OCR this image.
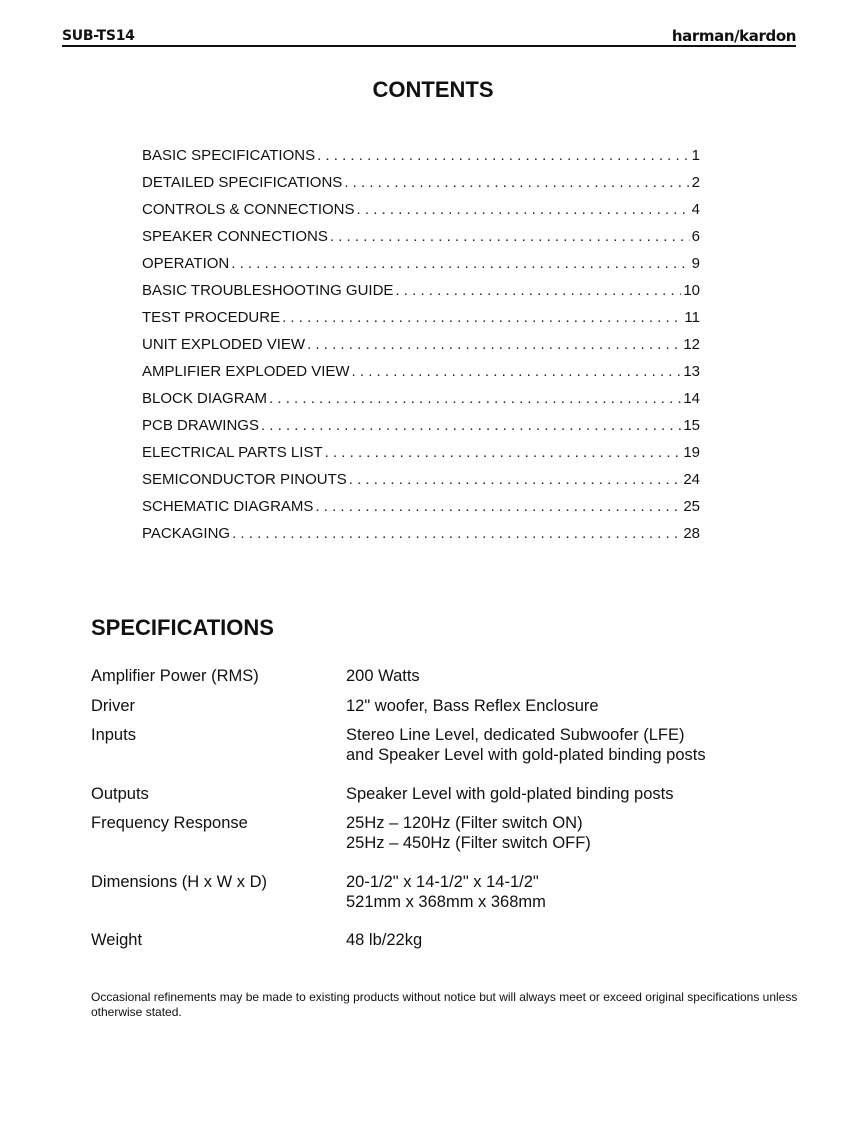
SUB-TS14	harman/kardon
CONTENTS
BASIC SPECIFICATIONS . . .	1
DETAILED SPECIFICATIONS . . .	2
CONTROLS & CONNECTIONS . . .	4
SPEAKER CONNECTIONS . . .	6
OPERATION . . .	9
BASIC TROUBLESHOOTING GUIDE . . .	10
TEST PROCEDURE . . .	11
UNIT EXPLODED VIEW . . .	12
AMPLIFIER EXPLODED VIEW . . .	13
BLOCK DIAGRAM . . .	14
PCB DRAWINGS . . .	15
ELECTRICAL PARTS LIST . . .	19
SEMICONDUCTOR PINOUTS . . .	24
SCHEMATIC DIAGRAMS . . .	25
PACKAGING . . .	28
SPECIFICATIONS
Amplifier Power (RMS)	200 Watts

Driver	12" woofer, Bass Reflex Enclosure

Inputs	Stereo Line Level, dedicated Subwoofer (LFE)
and Speaker Level with gold-plated binding posts

Outputs	Speaker Level with gold-plated binding posts

Frequency Response	25Hz – 120Hz (Filter switch ON)
25Hz – 450Hz (Filter switch OFF)

Dimensions (H x W x D)	20-1/2" x 14-1/2" x 14-1/2"
521mm x 368mm x 368mm

Weight	48 lb/22kg

Occasional refinements may be made to existing products without notice but will always meet or exceed original specifications unless otherwise stated.
